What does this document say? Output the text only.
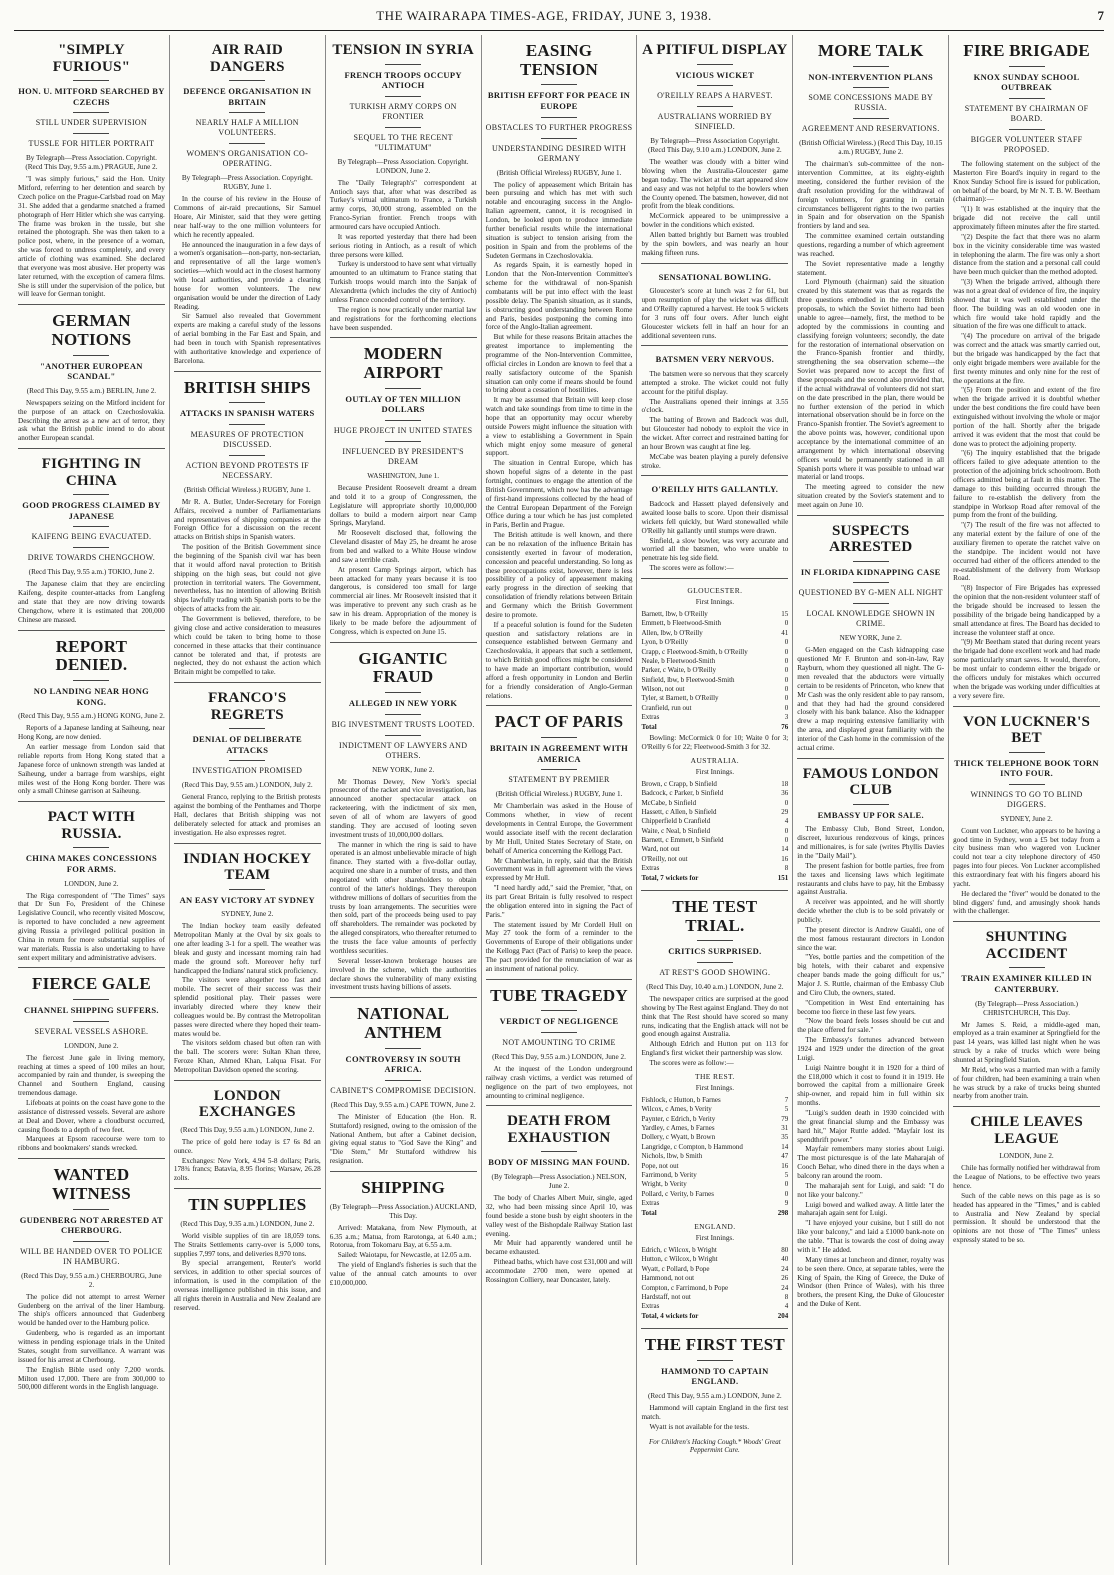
THE WAIRARAPA TIMES-AGE, FRIDAY, JUNE 3, 1938.	7
"SIMPLY FURIOUS"
HON. U. MITFORD SEARCHED BY CZECHS
STILL UNDER SUPERVISION
TUSSLE FOR HITLER PORTRAIT
By Telegraph—Press Association. Copyright. (Recd This Day, 9.55 a.m.) PRAGUE, June 2.

"I was simply furious," said the Hon. Unity Mitford, referring to her detention and search by Czech police on the Prague-Carlsbad road on May 31. She added that a gendarme snatched a framed photograph of Herr Hitler which she was carrying. The frame was broken in the tussle, but she retained the photograph. She was then taken to a police post, where, in the presence of a woman, she was forced to undress completely, and every article of clothing was examined. She declared that everyone was most abusive. Her property was later returned, with the exception of camera films. She is still under the supervision of the police, but will leave for German tonight.

GERMAN NOTIONS
"ANOTHER EUROPEAN SCANDAL"
(Recd This Day, 9.55 a.m.) BERLIN, June 2.

Newspapers seizing on the Mitford incident for the purpose of an attack on Czechoslovakia. Describing the arrest as a new act of terror, they ask what the British public intend to do about another European scandal.

FIGHTING IN CHINA
GOOD PROGRESS CLAIMED BY JAPANESE
KAIFENG BEING EVACUATED.
DRIVE TOWARDS CHENGCHOW.
(Recd This Day, 9.55 a.m.) TOKIO, June 2.

The Japanese claim that they are encircling Kaifeng, despite counter-attacks from Langfeng and state that they are now driving towards Chengchow, where it is estimated that 200,000 Chinese are massed.

REPORT DENIED.
NO LANDING NEAR HONG KONG.
(Recd This Day, 9.55 a.m.) HONG KONG, June 2.

Reports of a Japanese landing at Saiheung, near Hong Kong, are now denied.

An earlier message from London said that reliable reports from Hong Kong stated that a Japanese force of unknown strength was landed at Saiheung, under a barrage from warships, eight miles west of the Hong Kong border. There was only a small Chinese garrison at Saiheung.

PACT WITH RUSSIA.
CHINA MAKES CONCESSIONS FOR ARMS.
LONDON, June 2.

The Riga correspondent of "The Times" says that Dr Sun Fo, President of the Chinese Legislative Council, who recently visited Moscow, is reported to have concluded a new agreement giving Russia a privileged political position in China in return for more substantial supplies of war materials. Russia is also undertaking to have sent expert military and administrative advisers.

FIERCE GALE
CHANNEL SHIPPING SUFFERS.
SEVERAL VESSELS ASHORE.
LONDON, June 2.

The fiercest June gale in living memory, reaching at times a speed of 100 miles an hour, accompanied by rain and thunder, is sweeping the Channel and Southern England, causing tremendous damage.

Lifeboats at points on the coast have gone to the assistance of distressed vessels. Several are ashore at Deal and Dover, where a cloudburst occurred, causing floods to a depth of two feet.

Marquees at Epsom racecourse were torn to ribbons and bookmakers' stands wrecked.

WANTED WITNESS
GUDENBERG NOT ARRESTED AT CHERBOURG.
WILL BE HANDED OVER TO POLICE IN HAMBURG.
(Recd This Day, 9.55 a.m.) CHERBOURG, June 2.

The police did not attempt to arrest Werner Gudenberg on the arrival of the liner Hamburg. The ship's officers announced that Gudenberg would be handed over to the Hamburg police.

Gudenberg, who is regarded as an important witness in pending espionage trials in the United States, sought from surveillance. A warrant was issued for his arrest at Cherbourg.

The English Bible used only 7,200 words. Milton used 17,000. There are from 300,000 to 500,000 different words in the English language.

AIR RAID DANGERS
DEFENCE ORGANISATION IN BRITAIN
NEARLY HALF A MILLION VOLUNTEERS.
WOMEN'S ORGANISATION CO-OPERATING.
By Telegraph—Press Association. Copyright. RUGBY, June 1.

In the course of his review in the House of Commons of air-raid precautions, Sir Samuel Hoare, Air Minister, said that they were getting near half-way to the one million volunteers for which he recently appealed.

He announced the inauguration in a few days of a women's organisation—non-party, non-sectarian, and representative of all the large women's societies—which would act in the closest harmony with local authorities, and provide a clearing house for women volunteers. The new organisation would be under the direction of Lady Reading.

Sir Samuel also revealed that Government experts are making a careful study of the lessons of aerial bombing in the Far East and Spain, and had been in touch with Spanish representatives with authoritative knowledge and experience of Barcelona.

BRITISH SHIPS
ATTACKS IN SPANISH WATERS
MEASURES OF PROTECTION DISCUSSED.
ACTION BEYOND PROTESTS IF NECESSARY.
(British Official Wireless.) RUGBY, June 1.

Mr R. A. Butler, Under-Secretary for Foreign Affairs, received a number of Parliamentarians and representatives of shipping companies at the Foreign Office for a discussion on the recent attacks on British ships in Spanish waters.

The position of the British Government since the beginning of the Spanish civil war has been that it would afford naval protection to British shipping on the high seas, but could not give protection in territorial waters. The Government, nevertheless, has no intention of allowing British ships lawfully trading with Spanish ports to be the objects of attacks from the air.

The Government is believed, therefore, to be giving close and active consideration to measures which could be taken to bring home to those concerned in these attacks that their continuance cannot be tolerated and that, if protests are neglected, they do not exhaust the action which Britain might be compelled to take.

FRANCO'S REGRETS
DENIAL OF DELIBERATE ATTACKS
INVESTIGATION PROMISED
(Recd This Day, 9.55 am.) LONDON, July 2.

General Franco, replying to the British protests against the bombing of the Penthames and Thorpe Hall, declares that British shipping was not deliberately selected for attack and promises an investigation. He also expresses regret.

INDIAN HOCKEY TEAM
AN EASY VICTORY AT SYDNEY
SYDNEY, June 2.

The Indian hockey team easily defeated Metropolitan Manly at the Oval by six goals to one after leading 3-1 for a spell. The weather was bleak and gusty and incessant morning rain had made the ground soft. Moreover hefty turf handicapped the Indians' natural stick proficiency.

The visitors were altogether too fast and mobile. The secret of their success was their splendid positional play. Their passes were invariably directed where they knew their colleagues would be. By contrast the Metropolitan passes were directed where they hoped their team-mates would be.

The visitors seldom chased but often ran with the ball. The scorers were: Sultan Khan three, Feroze Khan, Ahmed Khan, Lalqua Fisat. For Metropolitan Davidson opened the scoring.

LONDON EXCHANGES
(Recd This Day, 9.55 a.m.) LONDON, June 2.

The price of gold here today is £7 6s 8d an ounce.

Exchanges: New York, 4.94 5-8 dollars; Paris, 178¾ francs; Batavia, 8.95 florins; Warsaw, 26.28 zolts.

TIN SUPPLIES
(Recd This Day, 9.35 a.m.) LONDON, June 2.

World visible supplies of tin are 18,059 tons. The Straits Settlements carry-over is 5,000 tons, supplies 7,997 tons, and deliveries 8,970 tons.

By special arrangement, Reuter's world services, in addition to other special sources of information, is used in the compilation of the overseas intelligence published in this issue, and all rights therein in Australia and New Zealand are reserved.

TENSION IN SYRIA
FRENCH TROOPS OCCUPY ANTIOCH
TURKISH ARMY CORPS ON FRONTIER
SEQUEL TO THE RECENT "ULTIMATUM"
By Telegraph—Press Association. Copyright. LONDON, June 2.

The "Daily Telegraph's" correspondent at Antioch says that, after what was described as Turkey's virtual ultimatum to France, a Turkish army corps, 30,000 strong, assembled on the Franco-Syrian frontier. French troops with armoured cars have occupied Antioch.

It was reported yesterday that there had been serious rioting in Antioch, as a result of which three persons were killed.

Turkey is understood to have sent what virtually amounted to an ultimatum to France stating that Turkish troops would march into the Sanjak of Alexandretta (which includes the city of Antioch) unless France conceded control of the territory.

The region is now practically under martial law and registrations for the forthcoming elections have been suspended.

MODERN AIRPORT
OUTLAY OF TEN MILLION DOLLARS
HUGE PROJECT IN UNITED STATES
INFLUENCED BY PRESIDENT'S DREAM
WASHINGTON, June 1.

Because President Roosevelt dreamt a dream and told it to a group of Congressmen, the Legislature will appropriate shortly 10,000,000 dollars to build a modern airport near Camp Springs, Maryland.

Mr Roosevelt disclosed that, following the Cleveland disaster of May 25, he dreamt he arose from bed and walked to a White House window and saw a terrible crash.

At present Camp Springs airport, which has been attacked for many years because it is too dangerous, is considered too small for large commercial air lines. Mr Roosevelt insisted that it was imperative to prevent any such crash as he saw in his dream. Appropriation of the money is likely to be made before the adjournment of Congress, which is expected on June 15.

GIGANTIC FRAUD
ALLEGED IN NEW YORK
BIG INVESTMENT TRUSTS LOOTED.
INDICTMENT OF LAWYERS AND OTHERS.
NEW YORK, June 2.

Mr Thomas Dewey, New York's special prosecutor of the racket and vice investigation, has announced another spectacular attack on racketeering, with the indictment of six men, seven of all of whom are lawyers of good standing. They are accused of looting seven investment trusts of 10,000,000 dollars.

The manner in which the ring is said to have operated is an almost unbelievable miracle of high finance. They started with a five-dollar outlay, acquired one share in a number of trusts, and then negotiated with other shareholders to obtain control of the latter's holdings. They thereupon withdrew millions of dollars of securities from the trusts by loan arrangements. The securities were then sold, part of the proceeds being used to pay off shareholders. The remainder was pocketed by the alleged conspirators, who thereafter returned to the trusts the face value amounts of perfectly worthless securities.

Several lesser-known brokerage houses are involved in the scheme, which the authorities declare shows the vulnerability of many existing investment trusts having billions of assets.

NATIONAL ANTHEM
CONTROVERSY IN SOUTH AFRICA.
CABINET'S COMPROMISE DECISION.
(Recd This Day, 9.55 a.m.) CAPE TOWN, June 2.

The Minister of Education (the Hon. R. Stuttaford) resigned, owing to the omission of the National Anthem, but after a Cabinet decision, giving equal status to "God Save the King" and "Die Stem," Mr Stuttaford withdrew his resignation.

SHIPPING
(By Telegraph—Press Association.) AUCKLAND, This Day.

Arrived: Matakana, from New Plymouth, at 6.35 a.m.; Matua, from Rarotonga, at 6.40 a.m.; Rotorua, from Tokomaru Bay, at 6.55 a.m.

Sailed: Waiotapu, for Newcastle, at 12.05 a.m.

The yield of England's fisheries is such that the value of the annual catch amounts to over £10,000,000.

EASING TENSION
BRITISH EFFORT FOR PEACE IN EUROPE
OBSTACLES TO FURTHER PROGRESS
UNDERSTANDING DESIRED WITH GERMANY
(British Official Wireless) RUGBY, June 1.

The policy of appeasement which Britain has been pursuing and which has met with such notable and encouraging success in the Anglo-Italian agreement, cannot, it is recognised in London, be looked upon to produce immediate further beneficial results while the international situation is subject to tension arising from the position in Spain and from the problems of the Sudeten Germans in Czechoslovakia.

As regards Spain, it is earnestly hoped in London that the Non-Intervention Committee's scheme for the withdrawal of non-Spanish combatants will be put into effect with the least possible delay. The Spanish situation, as it stands, is obstructing good understanding between Rome and Paris, besides postponing the coming into force of the Anglo-Italian agreement.

But while for these reasons Britain attaches the greatest importance to implementing the programme of the Non-Intervention Committee, official circles in London are known to feel that a really satisfactory outcome of the Spanish situation can only come if means should be found to bring about a cessation of hostilities.

It may be assumed that Britain will keep close watch and take soundings from time to time in the hope that an opportunity may occur whereby outside Powers might influence the situation with a view to establishing a Government in Spain which might enjoy some measure of general support.

The situation in Central Europe, which has shown hopeful signs of a detente in the past fortnight, continues to engage the attention of the British Government, which now has the advantage of first-hand impressions collected by the head of the Central European Department of the Foreign Office during a tour which he has just completed in Paris, Berlin and Prague.

The British attitude is well known, and there can be no relaxation of the influence Britain has consistently exerted in favour of moderation, concession and peaceful understanding. So long as these preoccupations exist, however, there is less possibility of a policy of appeasement making early progress in the direction of seeking that consolidation of friendly relations between Britain and Germany which the British Government desire to promote.

If a peaceful solution is found for the Sudeten question and satisfactory relations are in consequence established between Germany and Czechoslovakia, it appears that such a settlement, to which British good offices might be considered to have made an important contribution, would afford a fresh opportunity in London and Berlin for a friendly consideration of Anglo-German relations.

PACT OF PARIS
BRITAIN IN AGREEMENT WITH AMERICA
STATEMENT BY PREMIER
(British Official Wireless.) RUGBY, June 1.

Mr Chamberlain was asked in the House of Commons whether, in view of recent developments in Central Europe, the Government would associate itself with the recent declaration by Mr Hull, United States Secretary of State, on behalf of America concerning the Kellogg Pact.

Mr Chamberlain, in reply, said that the British Government was in full agreement with the views expressed by Mr Hull.

"I need hardly add," said the Premier, "that, on its part Great Britain is fully resolved to respect the obligation entered into in signing the Pact of Paris."

The statement issued by Mr Cordell Hull on May 27 took the form of a reminder to the Governments of Europe of their obligations under the Kellogg Pact (Pact of Paris) to keep the peace. The pact provided for the renunciation of war as an instrument of national policy.

TUBE TRAGEDY
VERDICT OF NEGLIGENCE
NOT AMOUNTING TO CRIME
(Recd This Day, 9.55 a.m.) LONDON, June 2.

At the inquest of the London underground railway crash victims, a verdict was returned of negligence on the part of two employees, not amounting to criminal negligence.

DEATH FROM EXHAUSTION
BODY OF MISSING MAN FOUND.
(By Telegraph—Press Association.) NELSON, June 2.

The body of Charles Albert Muir, single, aged 32, who had been missing since April 10, was found beside a stone bush by eight shooters in the valley west of the Bishopdale Railway Station last evening.

Mr Muir had apparently wandered until he became exhausted.

Pithead baths, which have cost £31,000 and will accommodate 2700 men, were opened at Rossington Colliery, near Doncaster, lately.

A PITIFUL DISPLAY
VICIOUS WICKET
O'REILLY REAPS A HARVEST.
AUSTRALIANS WORRIED BY SINFIELD.
By Telegraph—Press Association Copyright. (Recd This Day, 9.10 a.m.) LONDON, June 2.

The weather was cloudy with a bitter wind blowing when the Australia-Gloucester game began today. The wicket at the start appeared slow and easy and was not helpful to the bowlers when the County opened. The batsmen, however, did not profit from the bleak conditions.

McCormick appeared to be unimpressive a bowler in the conditions which existed.

Allen batted brightly but Barnett was troubled by the spin bowlers, and was nearly an hour making fifteen runs.

SENSATIONAL BOWLING.

Gloucester's score at lunch was 2 for 61, but upon resumption of play the wicket was difficult and O'Reilly captured a harvest. He took 5 wickets for 3 runs off four overs. After lunch eight Gloucester wickets fell in half an hour for an additional seventeen runs.

BATSMEN VERY NERVOUS.

The batsmen were so nervous that they scarcely attempted a stroke. The wicket could not fully account for the pitiful display.

The Australians opened their innings at 3.55 o'clock.

The batting of Brown and Badcock was dull, but Gloucester had nobody to exploit the vice in the wicket. After correct and restrained batting for an hour Brown was caught at fine leg.

McCabe was beaten playing a purely defensive stroke.

O'REILLY HITS GALLANTLY.

Badcock and Hassett played defensively and awaited loose balls to score. Upon their dismissal wickets fell quickly, but Ward stonewalled while O'Reilly hit gallantly until stumps were drawn.

Sinfield, a slow bowler, was very accurate and worried all the batsmen, who were unable to penetrate his leg side field.

The scores were as follow:—

GLOUCESTER.
First Innings.
Barnett, lbw, b O'Reilly	15
Emmett, b Fleetwood-Smith	0
Allen, lbw, b O'Reilly	41
Lyon, b O'Reilly	0
Crapp, c Fleetwood-Smith, b O'Reilly	0
Neale, b Fleetwood-Smith	0
Parker, c Waite, b O'Reilly	0
Sinfield, lbw, b Fleetwood-Smith	0
Wilson, not out	0
Tyler, st Barnett, b O'Reilly	0
Cranfield, run out	0
Extras	3
Total	76

Bowling: McCormick 0 for 10; Waite 0 for 3; O'Reilly 6 for 22; Fleetwood-Smith 3 for 32.

AUSTRALIA.
First Innings.
Brown, c Crapp, b Sinfield	18
Badcock, c Parker, b Sinfield	36
McCabe, b Sinfield	0
Hassett, c Allen, b Sinfield	29
Chipperfield b Cranfield	4
Waite, c Neal, b Sinfield	0
Barnett, c Emmett, b Sinfield	0
Ward, not out	14
O'Reilly, not out	16
Extras	8
Total, 7 wickets for	151
THE TEST TRIAL.
CRITICS SURPRISED.
AT REST'S GOOD SHOWING.
(Recd This Day, 10.40 a.m.) LONDON, June 2.

The newspaper critics are surprised at the good showing by The Rest against England. They do not think that The Rest should have scored so many runs, indicating that the English attack will not be good enough against Australia.

Although Edrich and Hutton put on 113 for England's first wicket their partnership was slow.

The scores were as follow:—

THE REST.
First Innings.
Fishlock, c Hutton, b Farnes	7
Wilcox, c Ames, b Verity	5
Paynter, c Edrich, b Verity	79
Yardley, c Ames, b Farnes	31
Dollery, c Wyatt, b Brown	35
Langridge, c Compton, b Hammond	14
Nichols, lbw, b Smith	47
Pope, not out	16
Farrimond, b Verity	5
Wright, b Verity	0
Pollard, c Verity, b Farnes	0
Extras	9
Total	298
ENGLAND.
First Innings.
Edrich, c Wilcox, b Wright	80
Hutton, c Wilcox, b Wright	40
Wyatt, c Pollard, b Pope	24
Hammond, not out	26
Compton, c Farrimond, b Pope	24
Hardstaff, not out	8
Extras	4
Total, 4 wickets for	204
THE FIRST TEST
HAMMOND TO CAPTAIN ENGLAND.
(Recd This Day, 9.55 a.m.) LONDON, June 2.

Hammond will captain England in the first test match.

Wyatt is not available for the tests.

For Children's Hacking Cough.* Woods' Great Peppermint Cure.
MORE TALK
NON-INTERVENTION PLANS
SOME CONCESSIONS MADE BY RUSSIA.
AGREEMENT AND RESERVATIONS.
(British Official Wireless.) (Recd This Day, 10.15 a.m.) RUGBY, June 2.

The chairman's sub-committee of the non-intervention Committee, at its eighty-eighth meeting, considered the further revision of the draft resolution providing for the withdrawal of foreign volunteers, for granting in certain circumstances belligerent rights to the two parties in Spain and for observation on the Spanish frontiers by land and sea.

The committee examined certain outstanding questions, regarding a number of which agreement was reached.

The Soviet representative made a lengthy statement.

Lord Plymouth (chairman) said the situation created by this statement was that as regards the three questions embodied in the recent British proposals, to which the Soviet hitherto had been unable to agree—namely, first, the method to be adopted by the commissions in counting and classifying foreign volunteers; secondly, the date for the restoration of international observation on the Franco-Spanish frontier and thirdly, strengthening the sea observation scheme—the Soviet was prepared now to accept the first of these proposals and the second also provided that, if the actual withdrawal of volunteers did not start on the date prescribed in the plan, there would be no further extension of the period in which international observation should be in force on the Franco-Spanish frontier. The Soviet's agreement to the above points was, however, conditional upon acceptance by the international committee of an arrangement by which international observing officers would be permanently stationed in all Spanish ports where it was possible to unload war material or land troops.

The meeting agreed to consider the new situation created by the Soviet's statement and to meet again on June 10.

SUSPECTS ARRESTED
IN FLORIDA KIDNAPPING CASE
QUESTIONED BY G-MEN ALL NIGHT
LOCAL KNOWLEDGE SHOWN IN CRIME.
NEW YORK, June 2.

G-Men engaged on the Cash kidnapping case questioned Mr F. Brunton and son-in-law, Ray Rayburn, whom they questioned all night. The G-men revealed that the abductors were virtually certain to be residents of Princeton, who knew that Mr Cash was the only resident able to pay ransom, and that they had had the ground considered closely with his bank balance. Also the kidnapper drew a map requiring extensive familiarity with the area, and displayed great familiarity with the interior of the Cash home in the commission of the actual crime.

FAMOUS LONDON CLUB
EMBASSY UP FOR SALE.

The Embassy Club, Bond Street, London, discreet, luxurious rendezvous of kings, princes and millionaires, is for sale (writes Phyllis Davies in the "Daily Mail").

The present fashion for bottle parties, free from the taxes and licensing laws which legitimate restaurants and clubs have to pay, hit the Embassy against Australia.

A receiver was appointed, and he will shortly decide whether the club is to be sold privately or publicly.

The present director is Andrew Gualdi, one of the most famous restaurant directors in London since the war.

"Yes, bottle parties and the competition of the big hotels, with their cabaret and expensive cheaper bands made the going difficult for us," Major J. S. Ruttle, chairman of the Embassy Club and Ciro Club, the owners, stated.

"Competition in West End entertaining has become too fierce in these last few years.

"Now the board feels losses should be cut and the place offered for sale."

The Embassy's fortunes advanced between 1924 and 1929 under the direction of the great Luigi.

Luigi Naintre bought it in 1920 for a third of the £18,000 which it cost to found it in 1919. He borrowed the capital from a millionaire Greek ship-owner, and repaid him in full within six months.

"Luigi's sudden death in 1930 coincided with the great financial slump and the Embassy was hard hit," Major Ruttle added. "Mayfair lost its spendthrift power."

Mayfair remembers many stories about Luigi. The most picturesque is of the late Maharajah of Cooch Behar, who dined there in the days when a balcony ran around the room.

The maharajah sent for Luigi, and said: "I do not like your balcony."

Luigi bowed and walked away. A little later the maharajah again sent for Luigi.

"I have enjoyed your cuisine, but I still do not like your balcony," and laid a £1000 bank-note on the table. "That is towards the cost of doing away with it." He added.

Many times at luncheon and dinner, royalty was to be seen there. Once, at separate tables, were the King of Spain, the King of Greece, the Duke of Windsor (then Prince of Wales), with his three brothers, the present King, the Duke of Gloucester and the Duke of Kent.

FIRE BRIGADE
KNOX SUNDAY SCHOOL OUTBREAK
STATEMENT BY CHAIRMAN OF BOARD.
BIGGER VOLUNTEER STAFF PROPOSED.

The following statement on the subject of the Masterton Fire Board's inquiry in regard to the Knox Sunday School fire is issued for publication, on behalf of the board, by Mr N. T. B. W. Beetham (chairman):—

"(1) It was established at the inquiry that the brigade did not receive the call until approximately fifteen minutes after the fire started.

"(2) Despite the fact that there was no alarm box in the vicinity considerable time was wasted in telephoning the alarm. The fire was only a short distance from the station and a personal call could have been much quicker than the method adopted.

"(3) When the brigade arrived, although there was not a great deal of evidence of fire, the inquiry showed that it was well established under the floor. The building was an old wooden one in which fire would take hold rapidly and the situation of the fire was one difficult to attack.

"(4) The procedure on arrival of the brigade was correct and the attack was smartly carried out, but the brigade was handicapped by the fact that only eight brigade members were available for the first twenty minutes and only nine for the rest of the operations at the fire.

"(5) From the position and extent of the fire when the brigade arrived it is doubtful whether under the best conditions the fire could have been extinguished without involving the whole or major portion of the hall. Shortly after the brigade arrived it was evident that the most that could be done was to protect the adjoining property.

"(6) The inquiry established that the brigade officers failed to give adequate attention to the protection of the adjoining brick schoolroom. Both officers admitted being at fault in this matter. The damage to this building occurred through the failure to re-establish the delivery from the standpipe in Worksop Road after removal of the pump from the front of the building.

"(7) The result of the fire was not affected to any material extent by the failure of one of the auxiliary firemen to operate the ratchet valve on the standpipe. The incident would not have occurred had either of the officers attended to the re-establishment of the delivery from Worksop Road.

"(8) Inspector of Fire Brigades has expressed the opinion that the non-resident volunteer staff of the brigade should be increased to lessen the possibility of the brigade being handicapped by a small attendance at fires. The Board has decided to increase the volunteer staff at once.

"(9) Mr Beetham stated that during recent years the brigade had done excellent work and had made some particularly smart saves. It would, therefore, be most unfair to condemn either the brigade or the officers unduly for mistakes which occurred when the brigade was working under difficulties at a very severe fire.

VON LUCKNER'S BET
THICK TELEPHONE BOOK TORN INTO FOUR.
WINNINGS TO GO TO BLIND DIGGERS.
SYDNEY, June 2.

Count von Luckner, who appears to be having a good time in Sydney, won a £5 bet today from a city business man who wagered von Luckner could not tear a city telephone directory of 450 pages into four pieces. Von Luckner accomplished this extraordinary feat with his fingers aboard his yacht.

He declared the "fiver" would be donated to the blind diggers' fund, and amusingly shook hands with the challenger.

SHUNTING ACCIDENT
TRAIN EXAMINER KILLED IN CANTERBURY.
(By Telegraph—Press Association.) CHRISTCHURCH, This Day.

Mr James S. Reid, a middle-aged man, employed as a train examiner at Springfield for the past 14 years, was killed last night when he was struck by a rake of trucks which were being shunted at Springfield Station.

Mr Reid, who was a married man with a family of four children, had been examining a train when he was struck by a rake of trucks being shunted nearby from another train.

CHILE LEAVES LEAGUE
LONDON, June 2.

Chile has formally notified her withdrawal from the League of Nations, to be effective two years hence.

Such of the cable news on this page as is so headed has appeared in the "Times," and is cabled to Australia and New Zealand by special permission. It should be understood that the opinions are not those of "The Times" unless expressly stated to be so.
